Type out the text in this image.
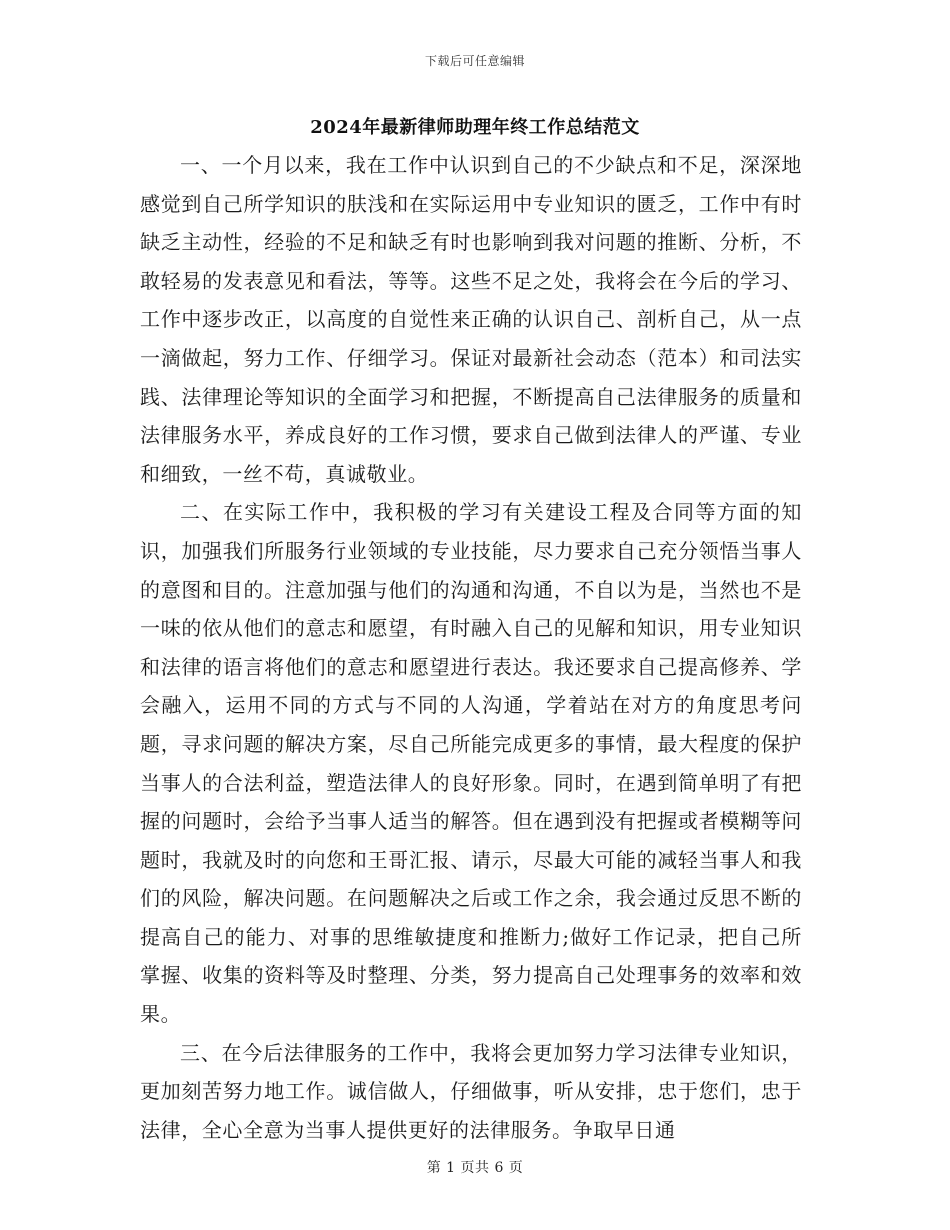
下载后可任意编辑
2024年最新律师助理年终工作总结范文

一、一个月以来，我在工作中认识到自己的不少缺点和不足，深深地感觉到自己所学知识的肤浅和在实际运用中专业知识的匮乏，工作中有时缺乏主动性，经验的不足和缺乏有时也影响到我对问题的推断、分析，不敢轻易的发表意见和看法，等等。这些不足之处，我将会在今后的学习、工作中逐步改正，以高度的自觉性来正确的认识自己、剖析自己，从一点一滴做起，努力工作、仔细学习。保证对最新社会动态（范本）和司法实践、法律理论等知识的全面学习和把握，不断提高自己法律服务的质量和法律服务水平，养成良好的工作习惯，要求自己做到法律人的严谨、专业和细致，一丝不苟，真诚敬业。

二、在实际工作中，我积极的学习有关建设工程及合同等方面的知识，加强我们所服务行业领域的专业技能，尽力要求自己充分领悟当事人的意图和目的。注意加强与他们的沟通和沟通，不自以为是，当然也不是一味的依从他们的意志和愿望，有时融入自己的见解和知识，用专业知识和法律的语言将他们的意志和愿望进行表达。我还要求自己提高修养、学会融入，运用不同的方式与不同的人沟通，学着站在对方的角度思考问题，寻求问题的解决方案，尽自己所能完成更多的事情，最大程度的保护当事人的合法利益，塑造法律人的良好形象。同时，在遇到简单明了有把握的问题时，会给予当事人适当的解答。但在遇到没有把握或者模糊等问题时，我就及时的向您和王哥汇报、请示，尽最大可能的减轻当事人和我们的风险，解决问题。在问题解决之后或工作之余，我会通过反思不断的提高自己的能力、对事的思维敏捷度和推断力;做好工作记录，把自己所掌握、收集的资料等及时整理、分类，努力提高自己处理事务的效率和效果。

三、在今后法律服务的工作中，我将会更加努力学习法律专业知识，更加刻苦努力地工作。诚信做人，仔细做事，听从安排，忠于您们，忠于法律，全心全意为当事人提供更好的法律服务。争取早日通

第 1 页共 6 页
